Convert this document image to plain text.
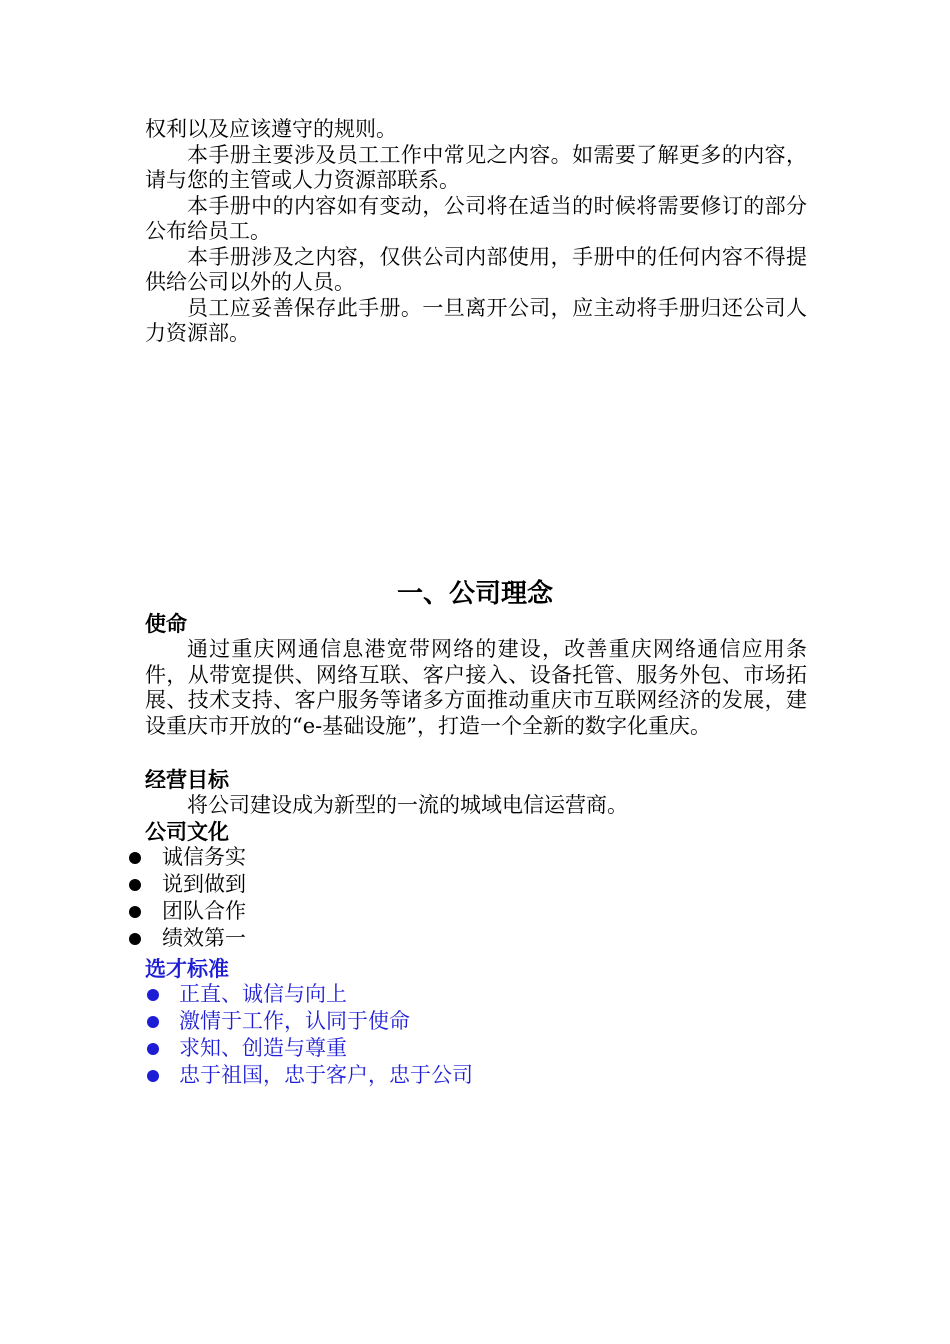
权利以及应该遵守的规则。

本手册主要涉及员工工作中常见之内容。如需要了解更多的内容，请与您的主管或人力资源部联系。

本手册中的内容如有变动，公司将在适当的时候将需要修订的部分公布给员工。

本手册涉及之内容，仅供公司内部使用，手册中的任何内容不得提供给公司以外的人员。

员工应妥善保存此手册。一旦离开公司，应主动将手册归还公司人力资源部。

一、公司理念
使命

通过重庆网通信息港宽带网络的建设，改善重庆网络通信应用条件，从带宽提供、网络互联、客户接入、设备托管、服务外包、市场拓展、技术支持、客户服务等诸多方面推动重庆市互联网经济的发展，建设重庆市开放的“e-基础设施”，打造一个全新的数字化重庆。

经营目标

将公司建设成为新型的一流的城域电信运营商。

公司文化
诚信务实
说到做到
团队合作
绩效第一
选才标准
正直、诚信与向上
激情于工作，认同于使命
求知、创造与尊重
忠于祖国，忠于客户，忠于公司
